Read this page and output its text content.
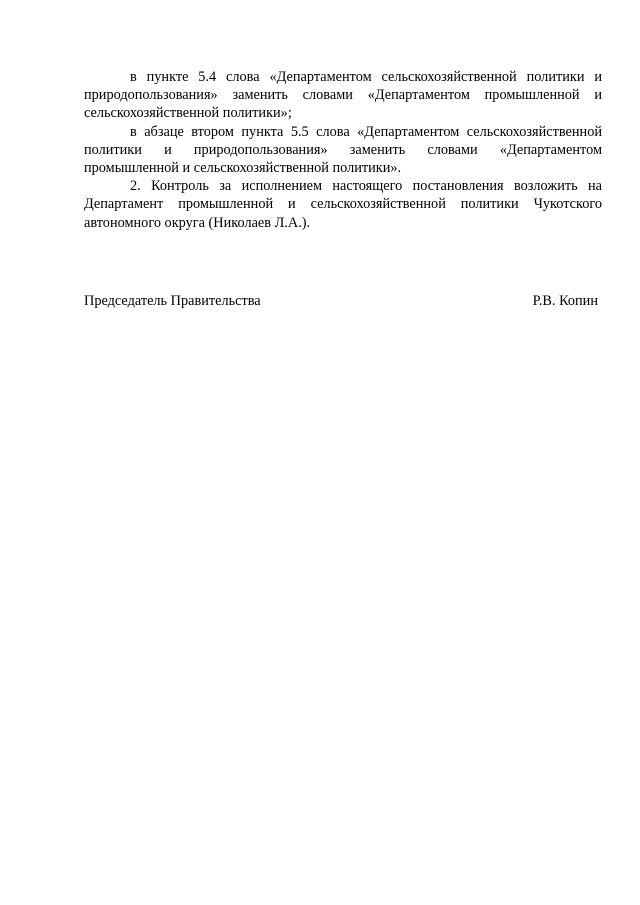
в пункте 5.4 слова «Департаментом сельскохозяйственной политики и природопользования» заменить словами «Департаментом промышленной и сельскохозяйственной политики»;

в абзаце втором пункта 5.5 слова «Департаментом сельскохозяйственной политики и природопользования» заменить словами «Департаментом промышленной и сельскохозяйственной политики».

2. Контроль за исполнением настоящего постановления возложить на Департамент промышленной и сельскохозяйственной политики Чукотского автономного округа (Николаев Л.А.).

Председатель Правительства	Р.В. Копин
